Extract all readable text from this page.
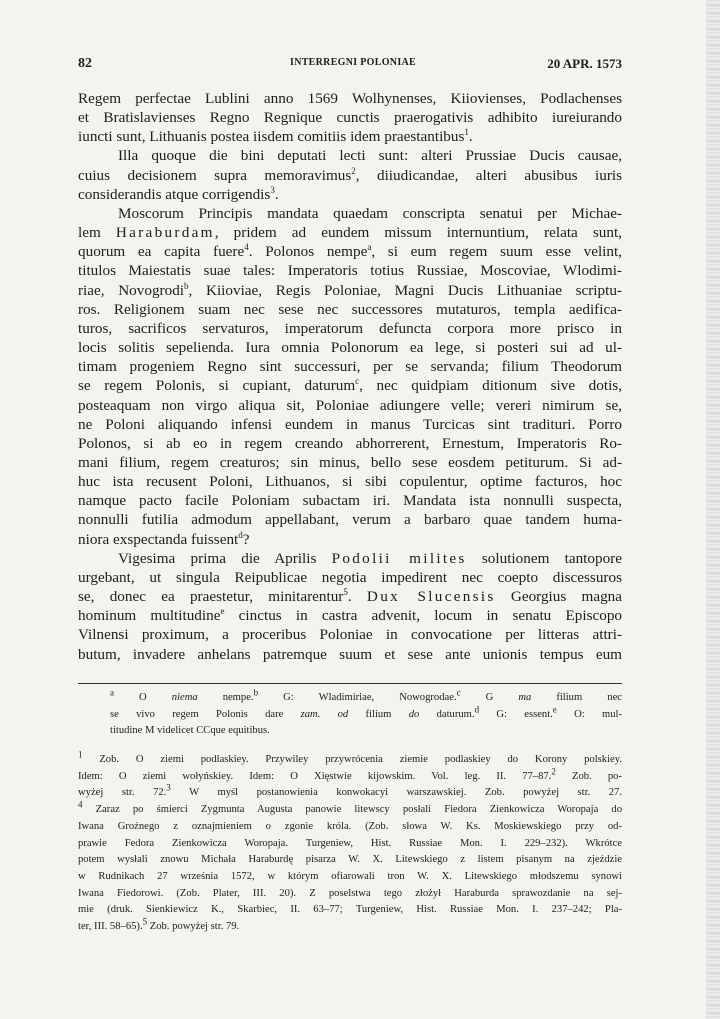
82	INTERREGNI POLONIAE	20 APR. 1573
Regem perfectae Lublini anno 1569 Wolhynenses, Kiiovienses, Podlachenses
et Bratislavienses Regno Regnique cunctis praerogativis adhibito iureiurando
iuncti sunt, Lithuanis postea iisdem comitiis idem praestantibus$^1$.
Illa quoque die bini deputati lecti sunt: alteri Prussiae Ducis causae,
cuius decisionem supra memoravimus$^2$, diiudicandae, alteri abusibus iuris
considerandis atque corrigendis$^3$.
Moscorum Principis mandata quaedam conscripta senatui per Michae-
lem Haraburdam, pridem ad eundem missum internuntium, relata sunt,
quorum ea capita fuere$^4$. Polonos nempe$^a$, si eum regem suum esse velint,
titulos Maiestatis suae tales: Imperatoris totius Russiae, Moscoviae, Wlodimi-
riae, Novogrodi$^b$, Kiioviae, Regis Poloniae, Magni Ducis Lithuaniae scriptu-
ros. Religionem suam nec sese nec successores mutaturos, templa aedifica-
turos, sacrificos servaturos, imperatorum defuncta corpora more prisco in
locis solitis sepelienda. Iura omnia Polonorum ea lege, si posteri sui ad ul-
timam progeniem Regno sint successuri, per se servanda; filium Theodorum
se regem Polonis, si cupiant, daturum$^c$, nec quidpiam ditionum sive dotis,
posteaquam non virgo aliqua sit, Poloniae adiungere velle; vereri nimirum se,
ne Poloni aliquando infensi eundem in manus Turcicas sint tradituri. Porro
Polonos, si ab eo in regem creando abhorrerent, Ernestum, Imperatoris Ro-
mani filium, regem creaturos; sin minus, bello sese eosdem petiturum. Si ad-
huc ista recusent Poloni, Lithuanos, si sibi copulentur, optime facturos, hoc
namque pacto facile Poloniam subactam iri. Mandata ista nonnulli suspecta,
nonnulli futilia admodum appellabant, verum a barbaro quae tandem huma-
niora exspectanda fuissent$^d$?
Vigesima prima die Aprilis Podolii milites solutionem tantopore
urgebant, ut singula Reipublicae negotia impedirent nec coepto discessuros
se, donec ea praestetur, minitarentur$^5$. Dux Slucensis Georgius magna
hominum multitudine$^e$ cinctus in castra advenit, locum in senatu Episcopo
Vilnensi proximum, a proceribus Poloniae in convocatione per litteras attri-
butum, invadere anhelans patremque suum et sese ante unionis tempus eum
$^a$ O niema nempe.$^b$ G: Wladimiriae, Nowogrodae.$^c$ G ma filium nec
se vivo regem Polonis dare zam. od filium do daturum.$^d$ G: essent.$^e$ O: mul-
titudine M videlicet CCque equitibus.
$^1$ Zob. O ziemi podlaskiey. Przywiley przywrócenia ziemie podlaskiey do Korony polskiey.
Idem: O ziemi wołyńskiey. Idem: O Xięstwie kijowskim. Vol. leg. II. 77–87.$^2$ Zob. po-
wyżej str. 72.$^3$ W myśl postanowienia konwokacyi warszawskiej. Zob. powyżej str. 27.
$^4$ Zaraz po śmierci Zygmunta Augusta panowie litewscy posłali Fiedora Zienkowicza Woropaja do
Iwana Groźnego z oznajmieniem o zgonie króla. (Zob. słowa W. Ks. Moskiewskiego przy od-
prawie Fedora Zienkowicza Woropaja. Turgeniew, Hist. Russiae Mon. I. 229–232). Wkrótce
potem wysłali znowu Michała Haraburdę pisarza W. X. Litewskiego z listem pisanym na zjeździe
w Rudnikach 27 września 1572, w którym ofiarowali tron W. X. Litewskiego młodszemu synowi
Iwana Fiedorowi. (Zob. Plater, III. 20). Z poselstwa tego złożył Haraburda sprawozdanie na sej-
mie (druk. Sienkiewicz K., Skarbiec, II. 63–77; Turgeniew, Hist. Russiae Mon. I. 237–242; Pla-
ter, III. 58–65).$^5$ Zob. powyżej str. 79.
